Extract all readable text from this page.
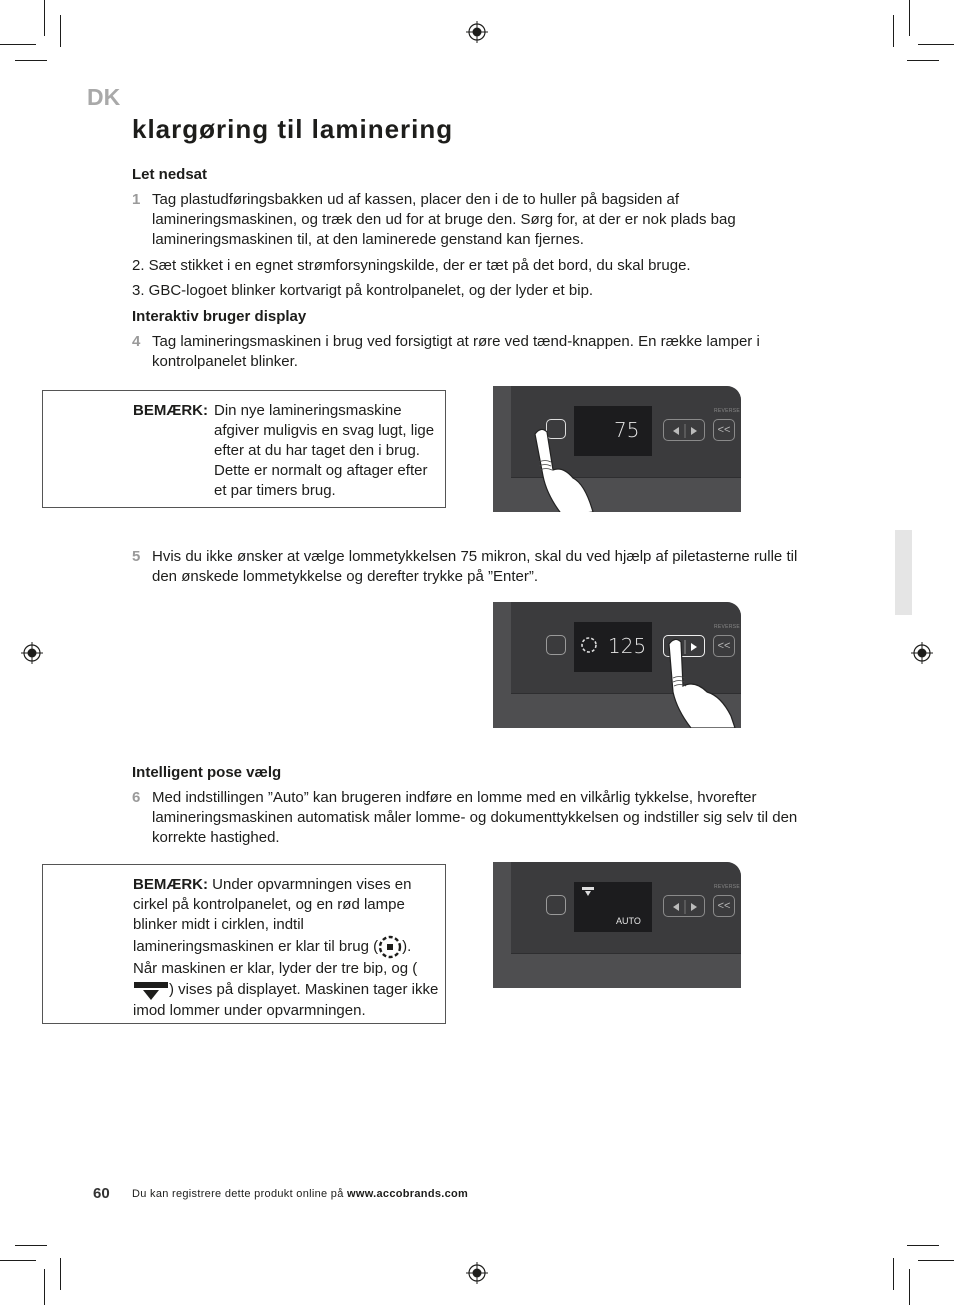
DK
klargøring til laminering
Let nedsat
1 Tag plastudføringsbakken ud af kassen, placer den i de to huller på bagsiden af lamineringsmaskinen, og træk den ud for at bruge den. Sørg for, at der er nok plads bag lamineringsmaskinen til, at den laminerede genstand kan fjernes.
2. Sæt stikket i en egnet strømforsyningskilde, der er tæt på det bord, du skal bruge.
3. GBC-logoet blinker kortvarigt på kontrolpanelet, og der lyder et bip.
Interaktiv bruger display
4 Tag lamineringsmaskinen i brug ved forsigtigt at røre ved tænd-knappen. En række lamper i kontrolpanelet blinker.
BEMÆRK: Din nye lamineringsmaskine afgiver muligvis en svag lugt, lige efter at du har taget den i brug. Dette er normalt og aftager efter et par timers brug.
75	<<
REVERSE
5 Hvis du ikke ønsker at vælge lommetykkelsen 75 mikron, skal du ved hjælp af piletasterne rulle til den ønskede lommetykkelse og derefter trykke på ”Enter”.
125	<<
REVERSE
Intelligent pose vælg
6 Med indstillingen ”Auto” kan brugeren indføre en lomme med en vilkårlig tykkelse, hvorefter lamineringsmaskinen automatisk måler lomme- og dokumenttykkelsen og indstiller sig selv til den korrekte hastighed.
BEMÆRK: Under opvarmningen vises en cirkel på kontrolpanelet, og en rød lampe blinker midt i cirklen, indtil lamineringsmaskinen er klar til brug ( ). Når maskinen er klar, lyder der tre bip, og () vises på displayet. Maskinen tager ikke imod lommer under opvarmningen.
AUTO
<<
REVERSE
60 Du kan registrere dette produkt online på www.accobrands.com
